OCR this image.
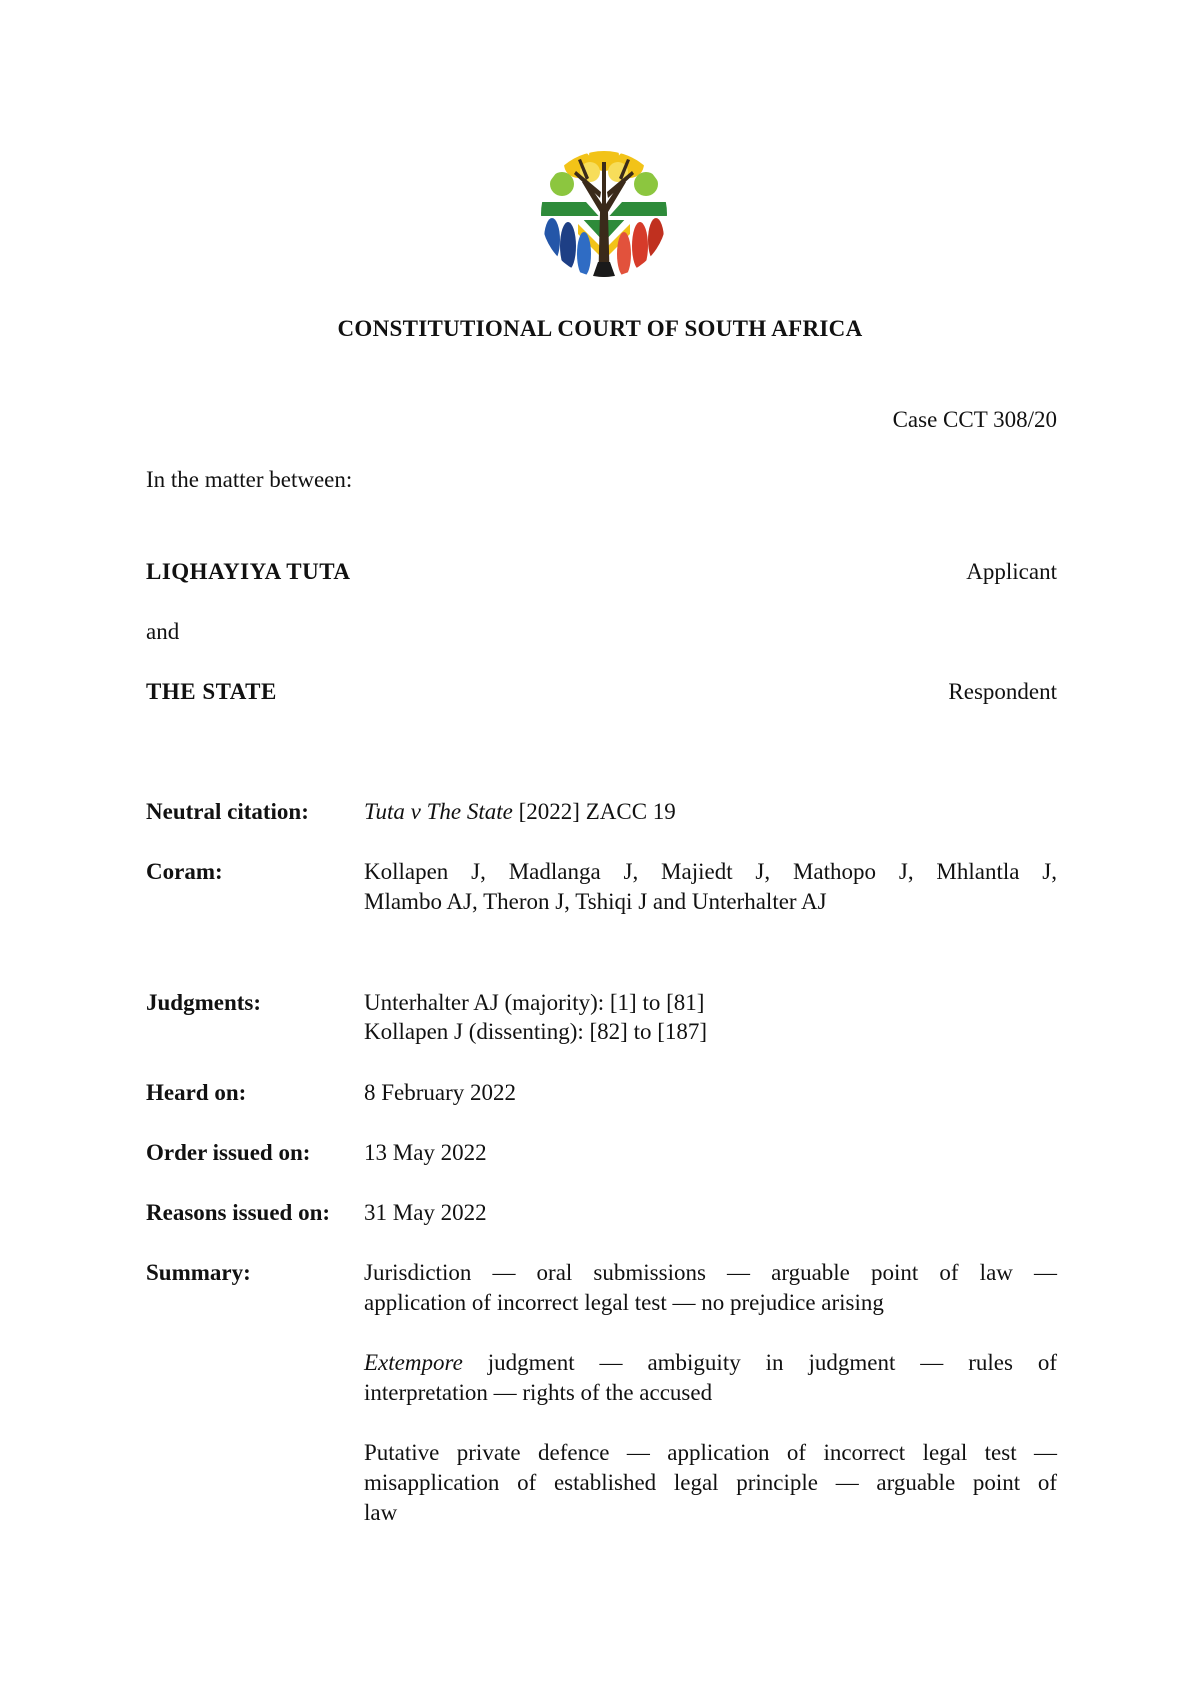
CONSTITUTIONAL COURT OF SOUTH AFRICA
Case CCT 308/20
In the matter between:
LIQHAYIYA TUTA	Applicant
and
THE STATE	Respondent
Neutral citation: Tuta v The State [2022] ZACC 19
Coram:	Kollapen J, Madlanga J, Majiedt J, Mathopo J, Mhlantla J,
Mlambo AJ, Theron J, Tshiqi J and Unterhalter AJ
Judgments:	Unterhalter AJ (majority): [1] to [81]
Kollapen J (dissenting): [82] to [187]
Heard on:	8 February 2022
Order issued on: 13 May 2022
Reasons issued on: 31 May 2022
Summary:	Jurisdiction — oral submissions — arguable point of law —
application of incorrect legal test — no prejudice arising
Extempore judgment — ambiguity in judgment — rules of
interpretation — rights of the accused
Putative private defence — application of incorrect legal test —
misapplication of established legal principle — arguable point of
law
